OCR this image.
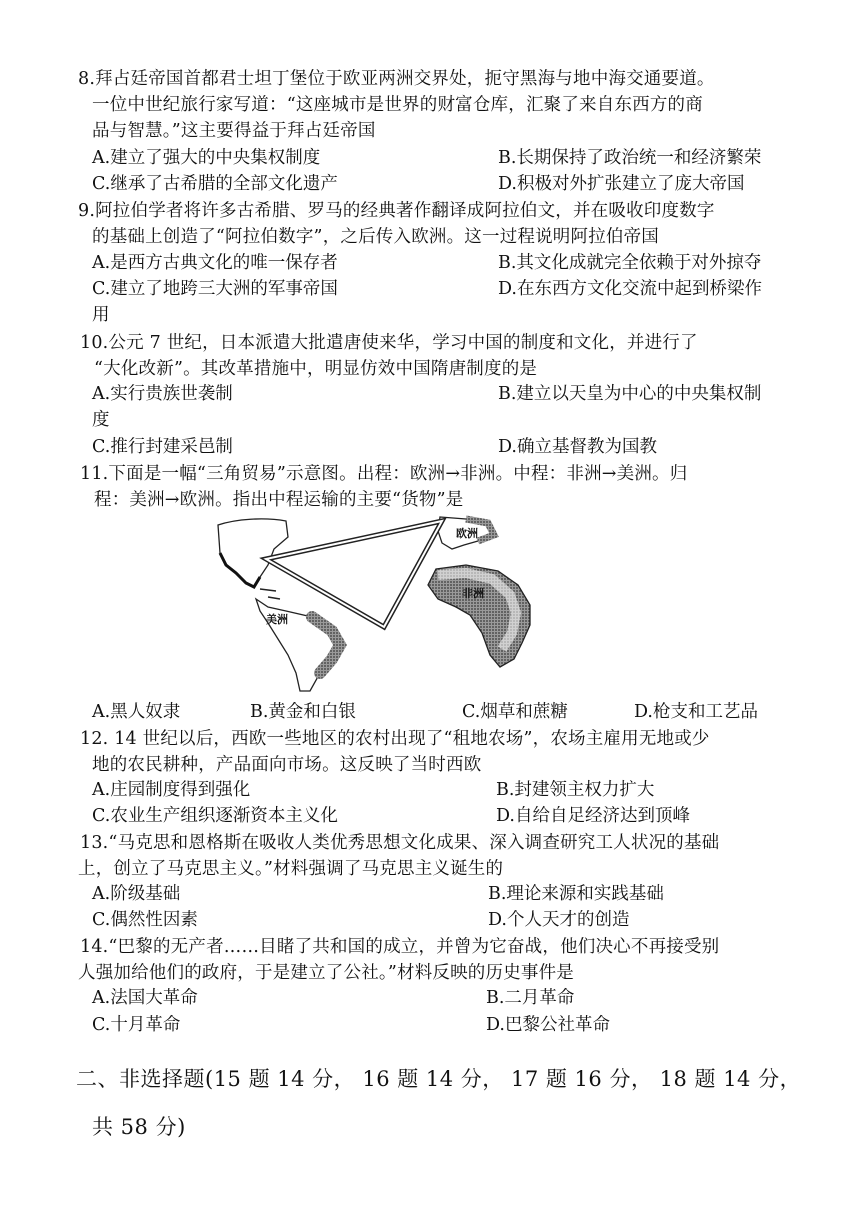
8.拜占廷帝国首都君士坦丁堡位于欧亚两洲交界处，扼守黑海与地中海交通要道。
一位中世纪旅行家写道：“这座城市是世界的财富仓库，汇聚了来自东西方的商
品与智慧。”这主要得益于拜占廷帝国
A.建立了强大的中央集权制度	B.长期保持了政治统一和经济繁荣
C.继承了古希腊的全部文化遗产	D.积极对外扩张建立了庞大帝国
9.阿拉伯学者将许多古希腊、罗马的经典著作翻译成阿拉伯文，并在吸收印度数字
的基础上创造了“阿拉伯数字”，之后传入欧洲。这一过程说明阿拉伯帝国
A.是西方古典文化的唯一保存者	B.其文化成就完全依赖于对外掠夺
C.建立了地跨三大洲的军事帝国	D.在东西方文化交流中起到桥梁作
用
10.公元 7 世纪，日本派遣大批遣唐使来华，学习中国的制度和文化，并进行了
“大化改新”。其改革措施中，明显仿效中国隋唐制度的是
A.实行贵族世袭制	B.建立以天皇为中心的中央集权制
度
C.推行封建采邑制	D.确立基督教为国教
11.下面是一幅“三角贸易”示意图。出程：欧洲→非洲。中程：非洲→美洲。归
程：美洲→欧洲。指出中程运输的主要“货物”是
欧洲
非洲
美洲
A.黑人奴隶	B.黄金和白银	C.烟草和蔗糖	D.枪支和工艺品
12. 14 世纪以后，西欧一些地区的农村出现了“租地农场”，农场主雇用无地或少
地的农民耕种，产品面向市场。这反映了当时西欧
A.庄园制度得到强化	B.封建领主权力扩大
C.农业生产组织逐渐资本主义化	D.自给自足经济达到顶峰
13.“马克思和恩格斯在吸收人类优秀思想文化成果、深入调查研究工人状况的基础
上，创立了马克思主义。”材料强调了马克思主义诞生的
A.阶级基础	B.理论来源和实践基础
C.偶然性因素	D.个人天才的创造
14.“巴黎的无产者……目睹了共和国的成立，并曾为它奋战，他们决心不再接受别
人强加给他们的政府，于是建立了公社。”材料反映的历史事件是
A.法国大革命	B.二月革命
C.十月革命	D.巴黎公社革命
二、非选择题(15 题 14 分， 16 题 14 分， 17 题 16 分， 18 题 14 分，
共 58 分)
